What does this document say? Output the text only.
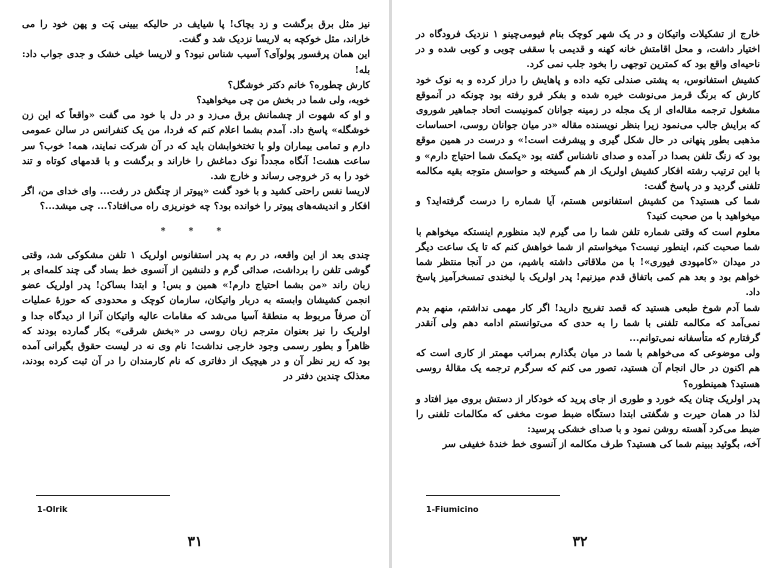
نیز مثل برق برگشت و زد بچاک! پا شیایف در حالیکه بیینی پَت و پهن خود را می خاراند، مثل خوکچه به لاریسا نزدیک شد و گفت.

این همان پرفسور پولوآی؟ آسیب شناس نبود؟ و لاریسا خیلی خشک و جدی جواب داد: بله!

کارش چطوره؟ خانم دکتر خوشگل؟

خوبه، ولی شما در بخش من چی میخواهید؟

و او که شهوت از چشمانش برق می‌زد و در دل با خود می گفت «واقعاً که این زن خوشگله» پاسخ داد. آمدم بشما اعلام کنم که فردا، من یک کنفرانس در سالن عمومی دارم و تمامی بیماران ولو با تختخوابشان باید که در آن شرکت نمایند، همه! خوب؟ سر ساعت هشت! آنگاه مجدداً نوک دماغش را خاراند و برگشت و با قدمهای کوتاه و تند خود را به دَر خروجی رساند و خارج شد.

لاریسا نفس راحتی کشید و با خود گفت «پیوتر از چنگش در رفت... وای خدای من، اگر افکار و اندیشه‌های پیوتر را خوانده بود؟ چه خونریزی راه می‌افتاد؟... چی میشد...؟

* * *

چندی بعد از این واقعه، در رم به پدر استفانوس اولریک ۱ تلفن مشکوکی شد، وقتی گوشی تلفن را برداشت، صدائی گرم و دلنشین از آنسوی خط بساد گی چند کلمه‌ای بر زبان راند «من بشما احتیاج دارم!» همین و بس! و ابتدا بساکن! پدر اولریک عضو انجمن کشیشان وابسته به دربار واتیکان، سازمان کوچک و محدودی که حوزهٔ عملیات آن صرفاً مربوط به منطقهٔ آسیا می‌شد که مقامات عالیه واتیکان آنرا از دیدگاه جدا و اولریک را نیز بعنوان مترجم زبان روسی در «بخش شرقی» بکار گمارده بودند که ظاهراً و بطور رسمی وجود خارجی نداشت! نام وی نه در لیست حقوق بگیرانی آمده بود که زیر نظر آن و در هیچیک از دفاتری که نام کارمندان را در آن ثبت کرده بودند، معذلک چندین دفتر در

1-Olrik
۳۱

خارج از تشکیلات واتیکان و در یک شهر کوچک بنام فیومی‌چینو ۱ نزدیک فرودگاه در اختیار داشت، و محل اقامتش خانه کهنه و قدیمی با سقفی چوبی و کوبی شده و در ناحیه‌ای واقع بود که کمترین توجهی را بخود جلب نمی کرد.

کشیش استفانوس، به پشتی صندلی تکیه داده و پاهایش را دراز کرده و به نوک خود کارش که برنگ قرمز می‌نوشت خیره شده و بفکر فرو رفته بود چونکه در آنموقع مشغول ترجمه مقاله‌ای از یک مجله در زمینه جوانان کمونیست اتحاد جماهیر شوروی که برایش جالب می‌نمود زیرا بنظر نویسنده مقاله «در میان جوانان روسی، احساسات مذهبی بطور پنهانی در حال شکل گیری و پیشرفت است!» و درست در همین موقع بود که زنگ تلفن بصدا در آمده و صدای ناشناس گفته بود «یکمک شما احتیاج دارم» و با این ترتیب رشته افکار کشیش اولریک از هم گسیخته و حواسش متوجه بقیه مکالمه تلفنی گردید و در پاسخ گفت:

شما کی هستید؟ من کشیش استفانوس هستم، آیا شماره را درست گرفته‌اید؟ و میخواهید با من صحبت کنید؟

معلوم است که وقتی شماره تلفن شما را می گیرم لابد منظورم اینستکه میخواهم با شما صحبت کنم، اینطور نیست؟ میخواستم از شما خواهش کنم که تا یک ساعت دیگر در میدان «کامپودی فیوری»! با من ملاقاتی داشته باشیم، من در آنجا منتظر شما خواهم بود و بعد هم کمی باتفاق قدم میزنیم! پدر اولریک با لبخندی تمسخرآمیز پاسخ داد.

شما آدم شوخ طبعی هستید که قصد تفریح دارید! اگر کار مهمی نداشتم، منهم بدم نمی‌آمد که مکالمه تلفنی با شما را به حدی که می‌توانستم ادامه دهم ولی آنقدر گرفتارم که متأسفانه نمی‌توانم...

ولی موضوعی که می‌خواهم با شما در میان بگذارم بمراتب مهمتر از کاری است که هم اکنون در حال انجام آن هستید، تصور می کنم که سرگرم ترجمه یک مقالهٔ روسی هستید؟ همینطوره؟

پدر اولریک چنان یکه خورد و طوری از جای پرید که خودکار از دستش بروی میز افتاد و لذا در همان حیرت و شگفتی ابتدا دستگاه ضبط صوت مخفی که مکالمات تلفنی را ضبط می‌کرد آهسته روشن نمود و با صدای خشکی پرسید:

آخه، بگوئید ببینم شما کی هستید؟ طرف مکالمه از آنسوی خط خندهٔ خفیفی سر

1-Fiumicino
۳۲
